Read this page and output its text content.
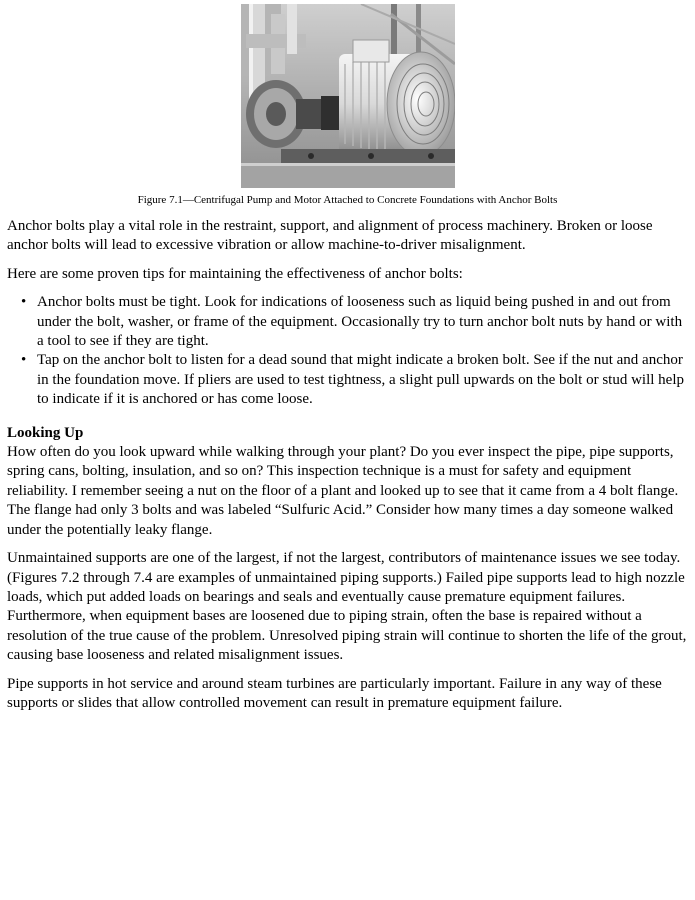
Figure 7.1—Centrifugal Pump and Motor Attached to Concrete Foundations with Anchor Bolts

Anchor bolts play a vital role in the restraint, support, and alignment of process machinery. Broken or loose anchor bolts will lead to excessive vibration or allow machine-to-driver misalignment.

Here are some proven tips for maintaining the effectiveness of anchor bolts:

• Anchor bolts must be tight. Look for indications of looseness such as liquid being pushed in and out from under the bolt, washer, or frame of the equipment. Occasionally try to turn anchor bolt nuts by hand or with a tool to see if they are tight.
• Tap on the anchor bolt to listen for a dead sound that might indicate a broken bolt. See if the nut and anchor in the foundation move. If pliers are used to test tightness, a slight pull upwards on the bolt or stud will help to indicate if it is anchored or has come loose.
Looking Up

How often do you look upward while walking through your plant? Do you ever inspect the pipe, pipe supports, spring cans, bolting, insulation, and so on? This inspection technique is a must for safety and equipment reliability. I remember seeing a nut on the floor of a plant and looked up to see that it came from a 4 bolt flange. The flange had only 3 bolts and was labeled “Sulfuric Acid.” Consider how many times a day someone walked under the potentially leaky flange.

Unmaintained supports are one of the largest, if not the largest, contributors of maintenance issues we see today. (Figures 7.2 through 7.4 are examples of unmaintained piping supports.) Failed pipe supports lead to high nozzle loads, which put added loads on bearings and seals and eventually cause premature equipment failures. Furthermore, when equipment bases are loosened due to piping strain, often the base is repaired without a resolution of the true cause of the problem. Unresolved piping strain will continue to shorten the life of the grout, causing base looseness and related misalignment issues.

Pipe supports in hot service and around steam turbines are particularly important. Failure in any way of these supports or slides that allow controlled movement can result in premature equipment failure.
